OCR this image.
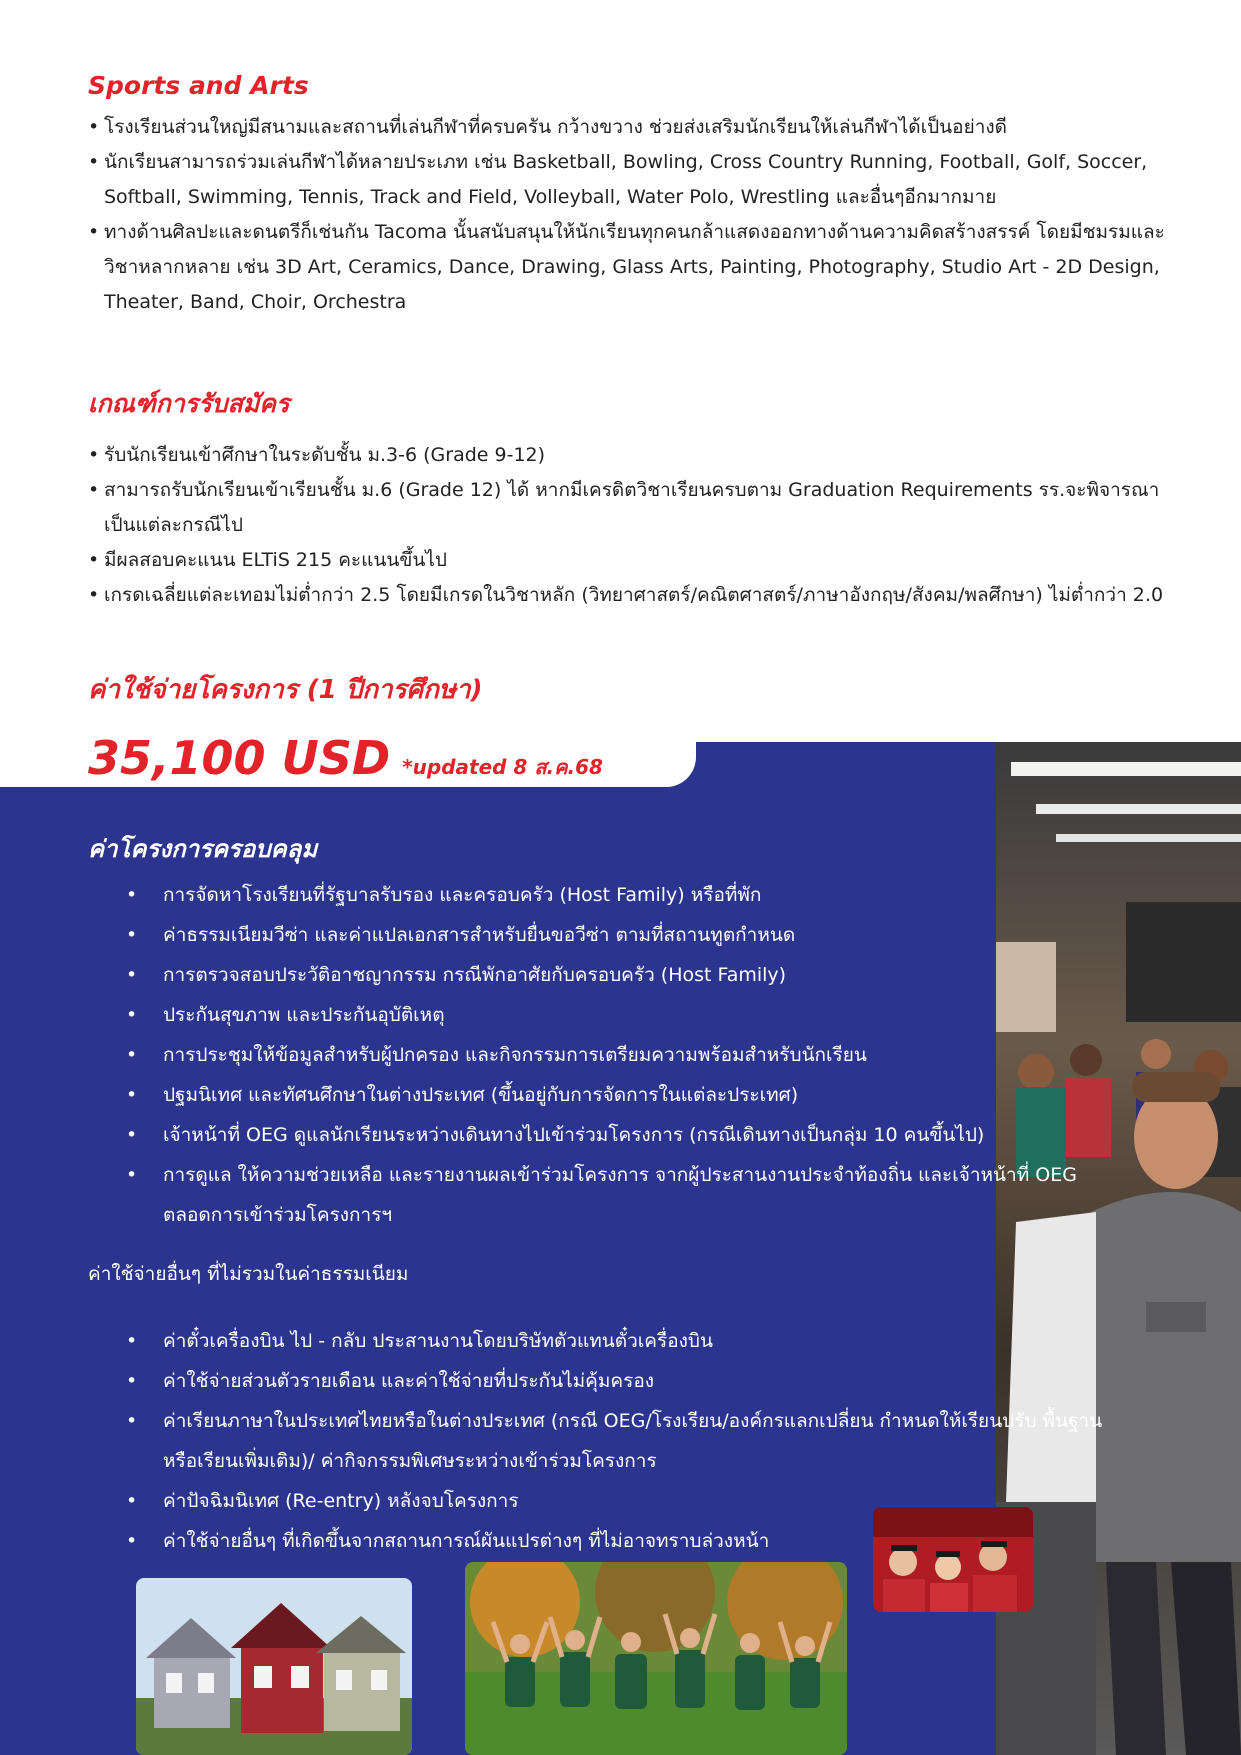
Sports and Arts
• โรงเรียนส่วนใหญ่มีสนามและสถานที่เล่นกีฬาที่ครบครัน กว้างขวาง ช่วยส่งเสริมนักเรียนให้เล่นกีฬาได้เป็นอย่างดี
• นักเรียนสามารถร่วมเล่นกีฬาได้หลายประเภท เช่น Basketball, Bowling, Cross Country Running, Football, Golf, Soccer, Softball, Swimming, Tennis, Track and Field, Volleyball, Water Polo, Wrestling และอื่นๆอีกมากมาย
• ทางด้านศิลปะและดนตรีก็เช่นกัน Tacoma นั้นสนับสนุนให้นักเรียนทุกคนกล้าแสดงออกทางด้านความคิดสร้างสรรค์ โดยมีชมรมและวิชาหลากหลาย เช่น 3D Art, Ceramics, Dance, Drawing, Glass Arts, Painting, Photography, Studio Art - 2D Design, Theater, Band, Choir, Orchestra
เกณฑ์การรับสมัคร
• รับนักเรียนเข้าศึกษาในระดับชั้น ม.3-6 (Grade 9-12)
• สามารถรับนักเรียนเข้าเรียนชั้น ม.6 (Grade 12) ได้ หากมีเครดิตวิชาเรียนครบตาม Graduation Requirements รร.จะพิจารณาเป็นแต่ละกรณีไป
• มีผลสอบคะแนน ELTiS 215 คะแนนขึ้นไป
• เกรดเฉลี่ยแต่ละเทอมไม่ต่ำกว่า 2.5 โดยมีเกรดในวิชาหลัก (วิทยาศาสตร์/คณิตศาสตร์/ภาษาอังกฤษ/สังคม/พลศึกษา) ไม่ต่ำกว่า 2.0
ค่าใช้จ่ายโครงการ (1 ปีการศึกษา)
35,100 USD *updated 8 ส.ค.68
ค่าโครงการครอบคลุม
• การจัดหาโรงเรียนที่รัฐบาลรับรอง และครอบครัว (Host Family) หรือที่พัก
• ค่าธรรมเนียมวีซ่า และค่าแปลเอกสารสำหรับยื่นขอวีซ่า ตามที่สถานทูตกำหนด
• การตรวจสอบประวัติอาชญากรรม กรณีพักอาศัยกับครอบครัว (Host Family)
• ประกันสุขภาพ และประกันอุบัติเหตุ
• การประชุมให้ข้อมูลสำหรับผู้ปกครอง และกิจกรรมการเตรียมความพร้อมสำหรับนักเรียน
• ปฐมนิเทศ และทัศนศึกษาในต่างประเทศ (ขึ้นอยู่กับการจัดการในแต่ละประเทศ)
• เจ้าหน้าที่ OEG ดูแลนักเรียนระหว่างเดินทางไปเข้าร่วมโครงการ (กรณีเดินทางเป็นกลุ่ม 10 คนขึ้นไป)
• การดูแล ให้ความช่วยเหลือ และรายงานผลเข้าร่วมโครงการ จากผู้ประสานงานประจำท้องถิ่น และเจ้าหน้าที่ OEG ตลอดการเข้าร่วมโครงการฯ
ค่าใช้จ่ายอื่นๆ ที่ไม่รวมในค่าธรรมเนียม
• ค่าตั๋วเครื่องบิน ไป - กลับ ประสานงานโดยบริษัทตัวแทนตั๋วเครื่องบิน
• ค่าใช้จ่ายส่วนตัวรายเดือน และค่าใช้จ่ายที่ประกันไม่คุ้มครอง
• ค่าเรียนภาษาในประเทศไทยหรือในต่างประเทศ (กรณี OEG/โรงเรียน/องค์กรแลกเปลี่ยน กำหนดให้เรียนปรับ พื้นฐาน หรือเรียนเพิ่มเติม)/ ค่ากิจกรรมพิเศษระหว่างเข้าร่วมโครงการ
• ค่าปัจฉิมนิเทศ (Re-entry) หลังจบโครงการ
• ค่าใช้จ่ายอื่นๆ ที่เกิดขึ้นจากสถานการณ์ผันแปรต่างๆ ที่ไม่อาจทราบล่วงหน้า
